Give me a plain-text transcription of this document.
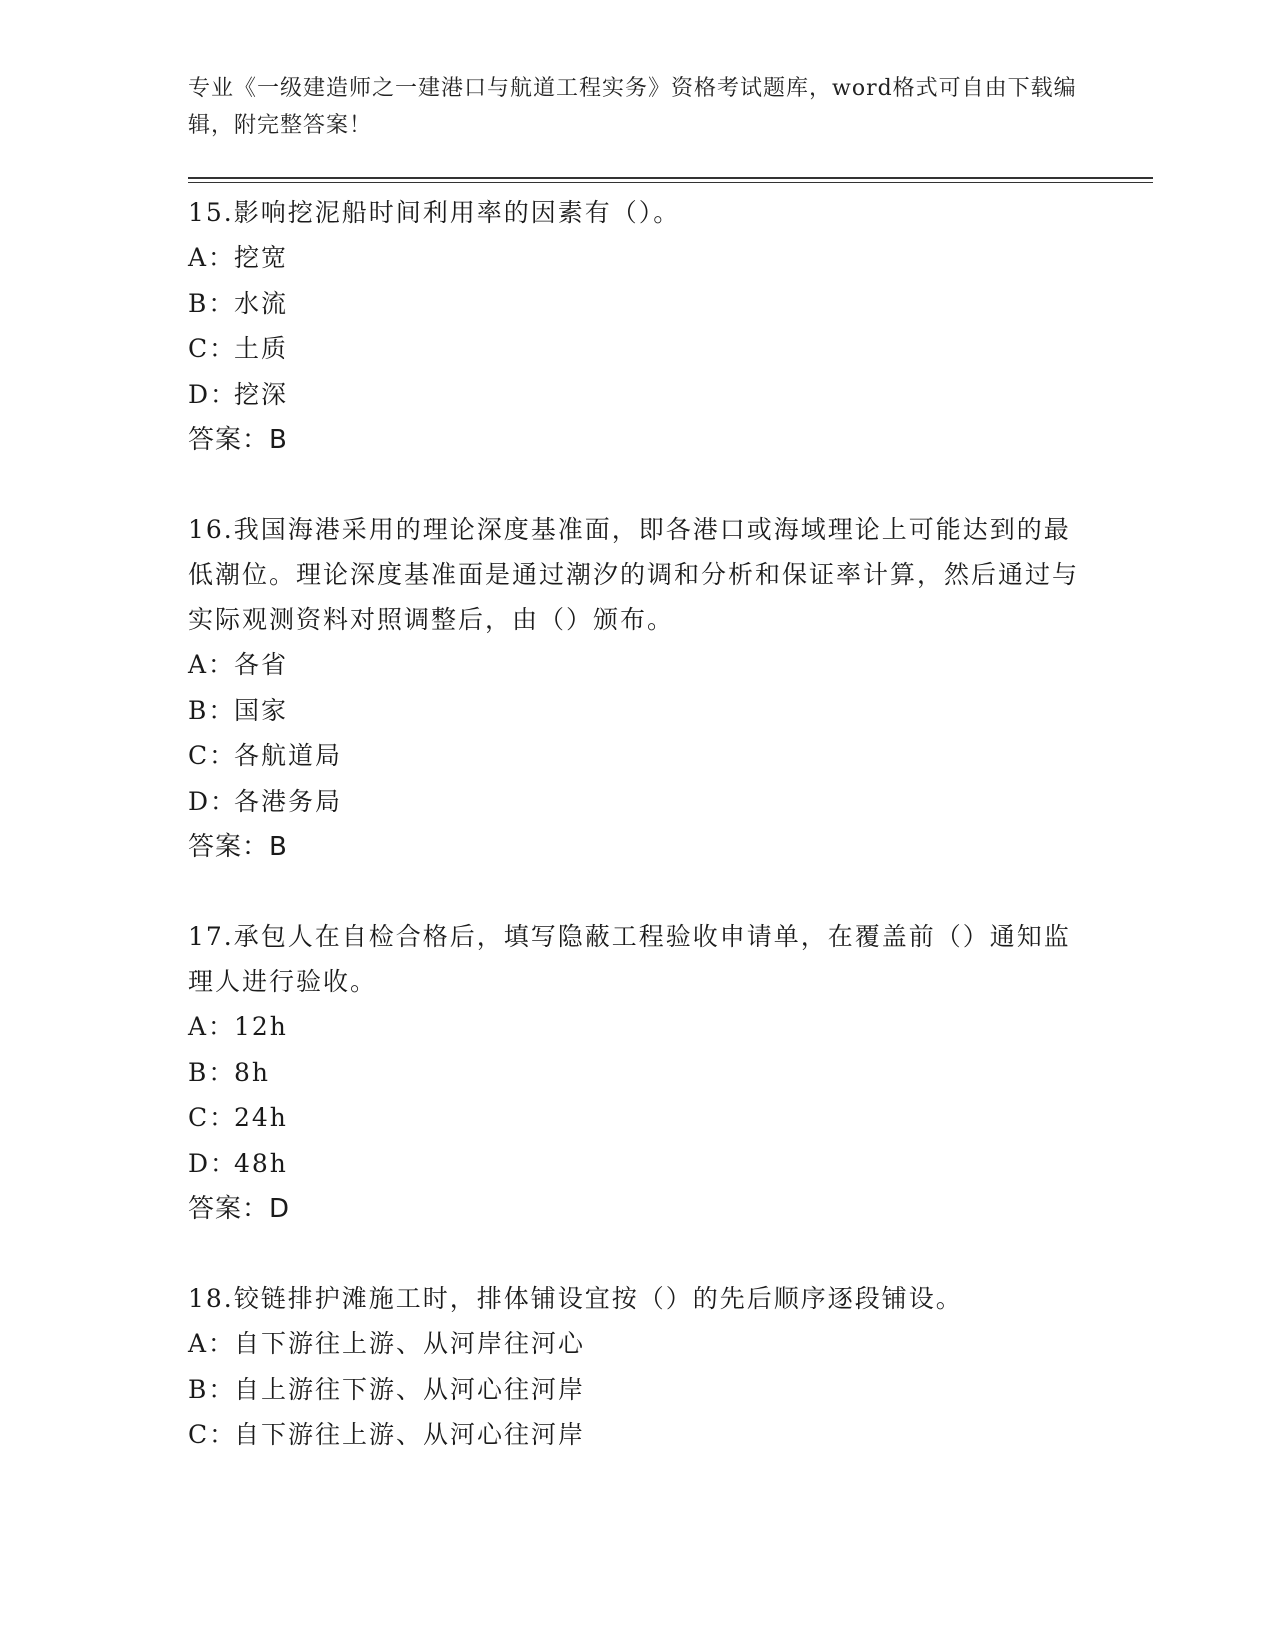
专业《一级建造师之一建港口与航道工程实务》资格考试题库，word格式可自由下载编辑，附完整答案！

15.影响挖泥船时间利用率的因素有（）。

A：挖宽

B：水流

C：土质

D：挖深

答案：B

16.我国海港采用的理论深度基准面，即各港口或海域理论上可能达到的最低潮位。理论深度基准面是通过潮汐的调和分析和保证率计算，然后通过与实际观测资料对照调整后，由（）颁布。

A：各省

B：国家

C：各航道局

D：各港务局

答案：B

17.承包人在自检合格后，填写隐蔽工程验收申请单，在覆盖前（）通知监理人进行验收。

A：12h

B：8h

C：24h

D：48h

答案：D

18.铰链排护滩施工时，排体铺设宜按（）的先后顺序逐段铺设。

A：自下游往上游、从河岸往河心

B：自上游往下游、从河心往河岸

C：自下游往上游、从河心往河岸
